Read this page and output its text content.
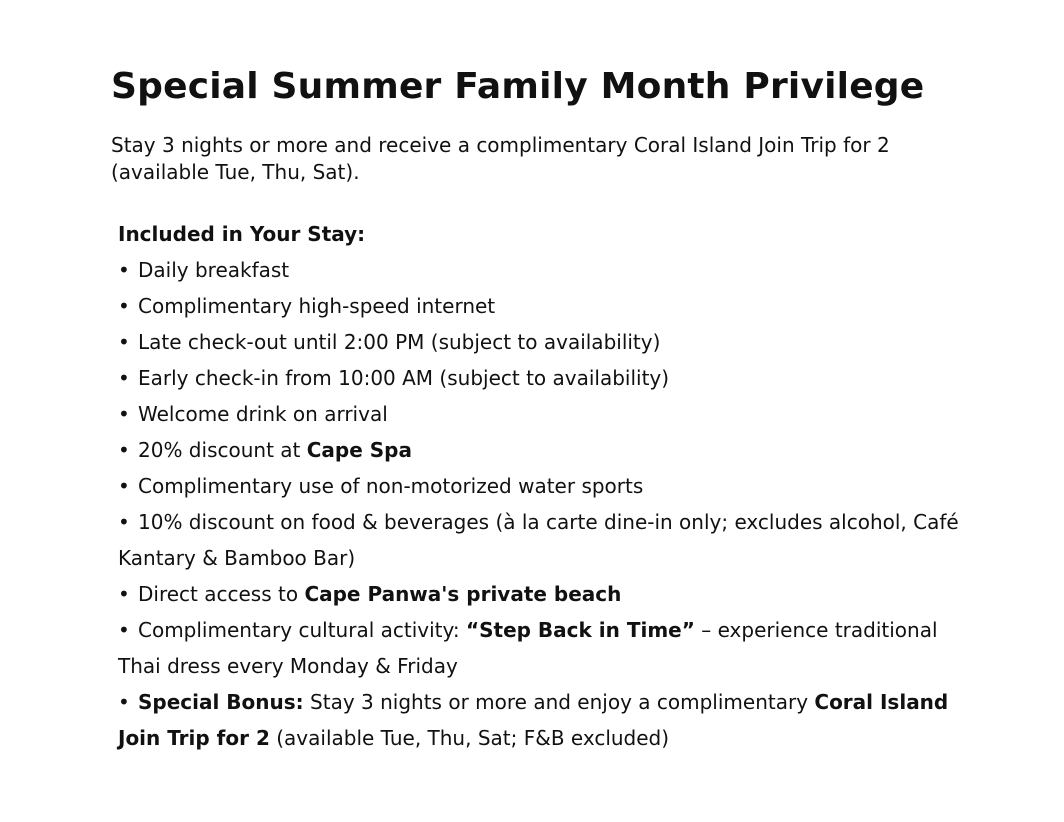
Special Summer Family Month Privilege

Stay 3 nights or more and receive a complimentary Coral Island Join Trip for 2 (available Tue, Thu, Sat).

Included in Your Stay:
•Daily breakfast
•Complimentary high-speed internet
•Late check-out until 2:00 PM (subject to availability)
•Early check-in from 10:00 AM (subject to availability)
•Welcome drink on arrival
•20% discount at Cape Spa
•Complimentary use of non-motorized water sports
•10% discount on food & beverages (à la carte dine-in only; excludes alcohol, Café Kantary & Bamboo Bar)
•Direct access to Cape Panwa's private beach
•Complimentary cultural activity: “Step Back in Time” – experience traditional Thai dress every Monday & Friday
•Special Bonus: Stay 3 nights or more and enjoy a complimentary Coral Island Join Trip for 2 (available Tue, Thu, Sat; F&B excluded)
